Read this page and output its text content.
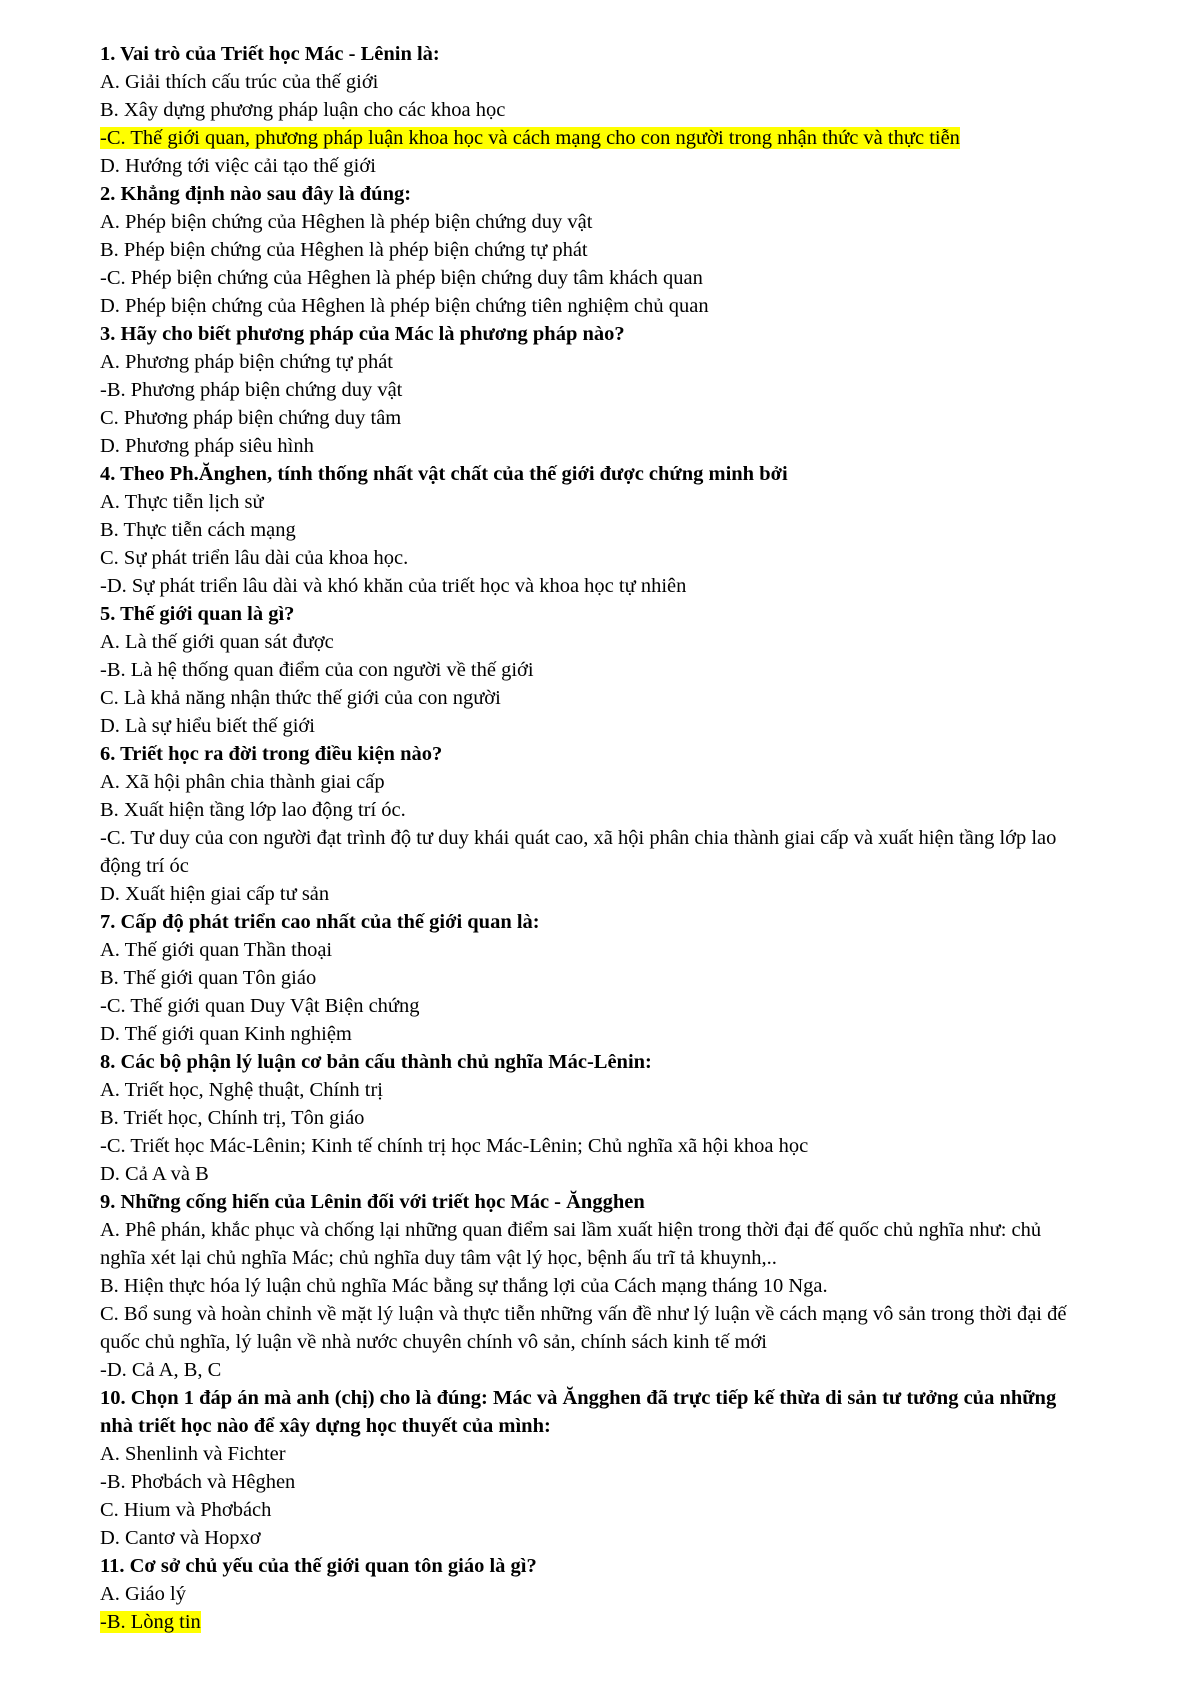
1. Vai trò của Triết học Mác - Lênin là:
A. Giải thích cấu trúc của thế giới
B. Xây dựng phương pháp luận cho các khoa học
-C. Thế giới quan, phương pháp luận khoa học và cách mạng cho con người trong nhận thức và thực tiễn
D. Hướng tới việc cải tạo thế giới
2. Khẳng định nào sau đây là đúng:
A. Phép biện chứng của Hêghen là phép biện chứng duy vật
B. Phép biện chứng của Hêghen là phép biện chứng tự phát
-C. Phép biện chứng của Hêghen là phép biện chứng duy tâm khách quan
D. Phép biện chứng của Hêghen là phép biện chứng tiên nghiệm chủ quan
3. Hãy cho biết phương pháp của Mác là phương pháp nào?
A. Phương pháp biện chứng tự phát
-B. Phương pháp biện chứng duy vật
C. Phương pháp biện chứng duy tâm
D. Phương pháp siêu hình
4. Theo Ph.Ănghen, tính thống nhất vật chất của thế giới được chứng minh bởi
A. Thực tiễn lịch sử
B. Thực tiễn cách mạng
C. Sự phát triển lâu dài của khoa học.
-D. Sự phát triển lâu dài và khó khăn của triết học và khoa học tự nhiên
5. Thế giới quan là gì?
A. Là thế giới quan sát được
-B. Là hệ thống quan điểm của con người về thế giới
C. Là khả năng nhận thức thế giới của con người
D. Là sự hiểu biết thế giới
6. Triết học ra đời trong điều kiện nào?
A. Xã hội phân chia thành giai cấp
B. Xuất hiện tầng lớp lao động trí óc.
-C. Tư duy của con người đạt trình độ tư duy khái quát cao, xã hội phân chia thành giai cấp và xuất hiện tầng lớp lao động trí óc
D. Xuất hiện giai cấp tư sản
7. Cấp độ phát triển cao nhất của thế giới quan là:
A. Thế giới quan Thần thoại
B. Thế giới quan Tôn giáo
-C. Thế giới quan Duy Vật Biện chứng
D. Thế giới quan Kinh nghiệm
8. Các bộ phận lý luận cơ bản cấu thành chủ nghĩa Mác-Lênin:
A. Triết học, Nghệ thuật, Chính trị
B. Triết học, Chính trị, Tôn giáo
-C. Triết học Mác-Lênin; Kinh tế chính trị học Mác-Lênin; Chủ nghĩa xã hội khoa học
D. Cả A và B
9. Những cống hiến của Lênin đối với triết học Mác - Ăngghen
A. Phê phán, khắc phục và chống lại những quan điểm sai lầm xuất hiện trong thời đại đế quốc chủ nghĩa như: chủ nghĩa xét lại chủ nghĩa Mác; chủ nghĩa duy tâm vật lý học, bệnh ấu trĩ tả khuynh,..
B. Hiện thực hóa lý luận chủ nghĩa Mác bằng sự thắng lợi của Cách mạng tháng 10 Nga.
C. Bổ sung và hoàn chỉnh về mặt lý luận và thực tiễn những vấn đề như lý luận về cách mạng vô sản trong thời đại đế quốc chủ nghĩa, lý luận về nhà nước chuyên chính vô sản, chính sách kinh tế mới
-D. Cả A, B, C
10. Chọn 1 đáp án mà anh (chị) cho là đúng: Mác và Ăngghen đã trực tiếp kế thừa di sản tư tưởng của những nhà triết học nào để xây dựng học thuyết của mình:
A. Shenlinh và Fichter
-B. Phơbách và Hêghen
C. Hium và Phơbách
D. Cantơ và Hopxơ
11. Cơ sở chủ yếu của thế giới quan tôn giáo là gì?
A. Giáo lý
-B. Lòng tin
